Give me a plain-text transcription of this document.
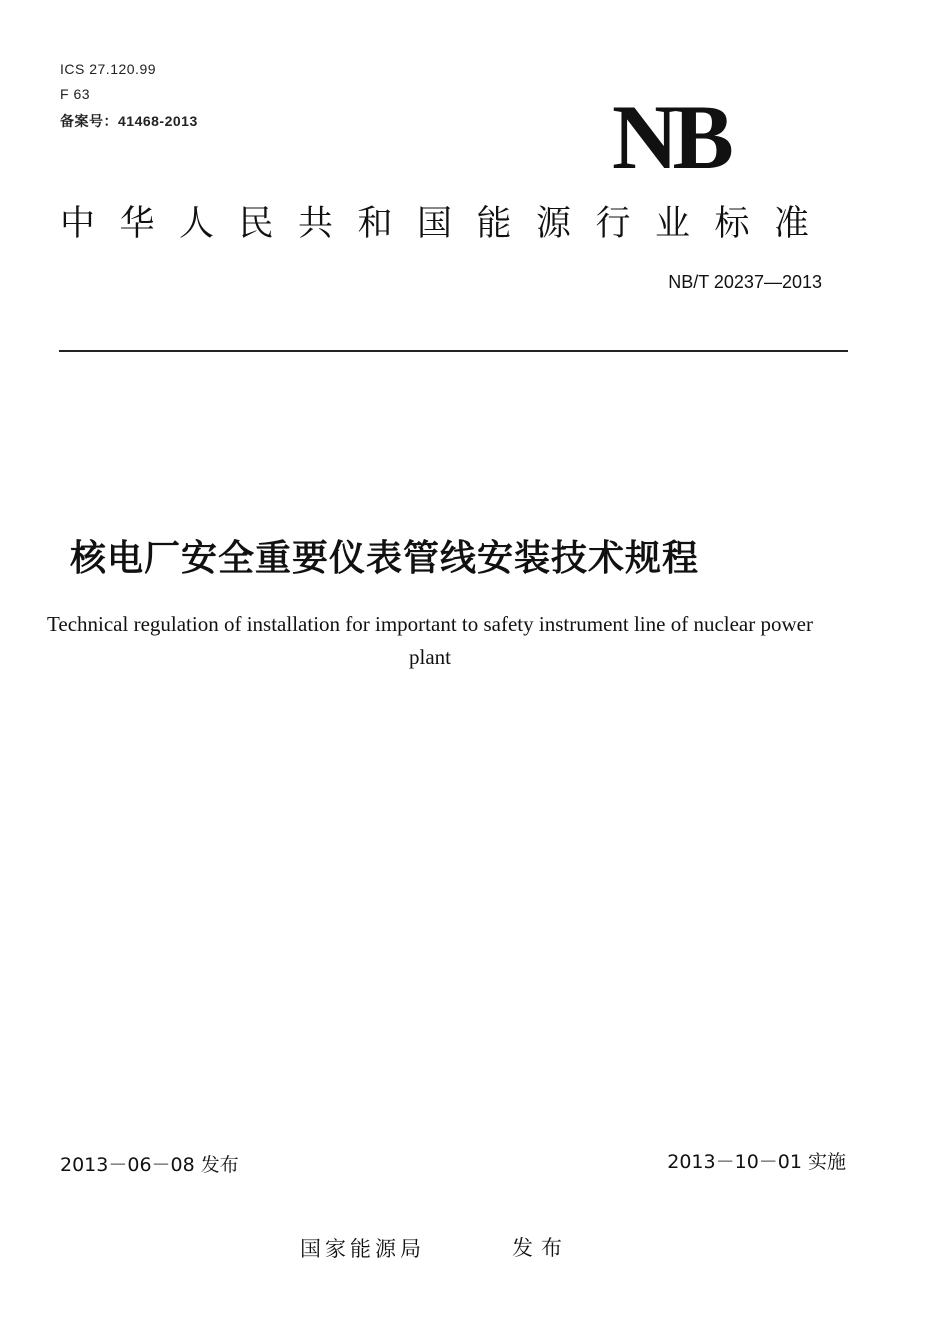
ICS 27.120.99
F 63
备案号：41468-2013	NB
中华人民共和国能源行业标准
NB/T 20237—2013
核电厂安全重要仪表管线安装技术规程
Technical regulation of installation for important to safety instrument line of nuclear power plant
2013－06－08 发布	2013－10－01 实施
国家能源局	发布
